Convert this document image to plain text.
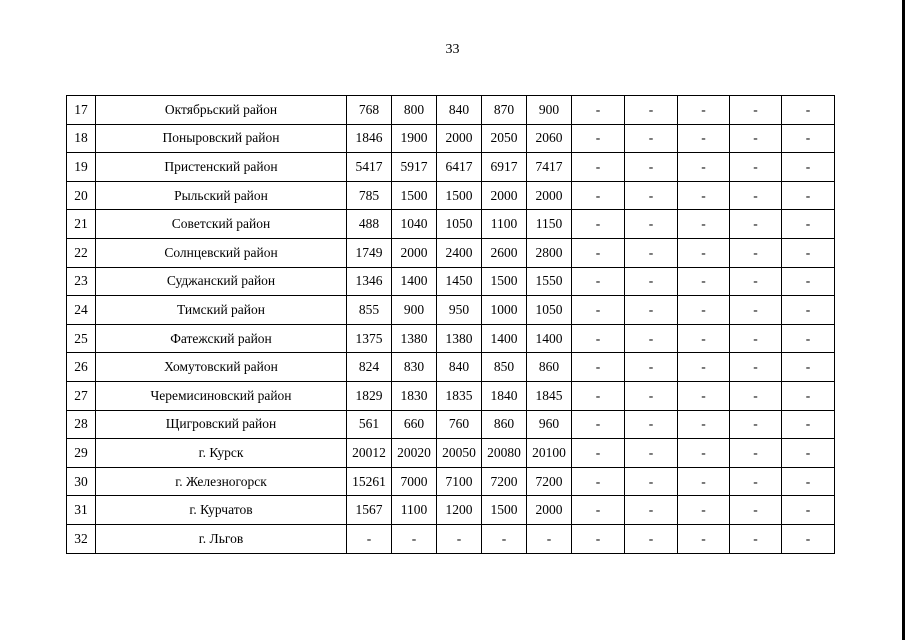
33
17	Октябрьский район	768	800	840	870	900	-	-	-	-	-
18	Поныровский район	1846	1900	2000	2050	2060	-	-	-	-	-
19	Пристенский район	5417	5917	6417	6917	7417	-	-	-	-	-
20	Рыльский район	785	1500	1500	2000	2000	-	-	-	-	-
21	Советский район	488	1040	1050	1100	1150	-	-	-	-	-
22	Солнцевский район	1749	2000	2400	2600	2800	-	-	-	-	-
23	Суджанский район	1346	1400	1450	1500	1550	-	-	-	-	-
24	Тимский район	855	900	950	1000	1050	-	-	-	-	-
25	Фатежский район	1375	1380	1380	1400	1400	-	-	-	-	-
26	Хомутовский район	824	830	840	850	860	-	-	-	-	-
27	Черемисиновский район	1829	1830	1835	1840	1845	-	-	-	-	-
28	Щигровский район	561	660	760	860	960	-	-	-	-	-
29	г. Курск	20012	20020	20050	20080	20100	-	-	-	-	-
30	г. Железногорск	15261	7000	7100	7200	7200	-	-	-	-	-
31	г. Курчатов	1567	1100	1200	1500	2000	-	-	-	-	-
32	г. Льгов	-	-	-	-	-	-	-	-	-	-
